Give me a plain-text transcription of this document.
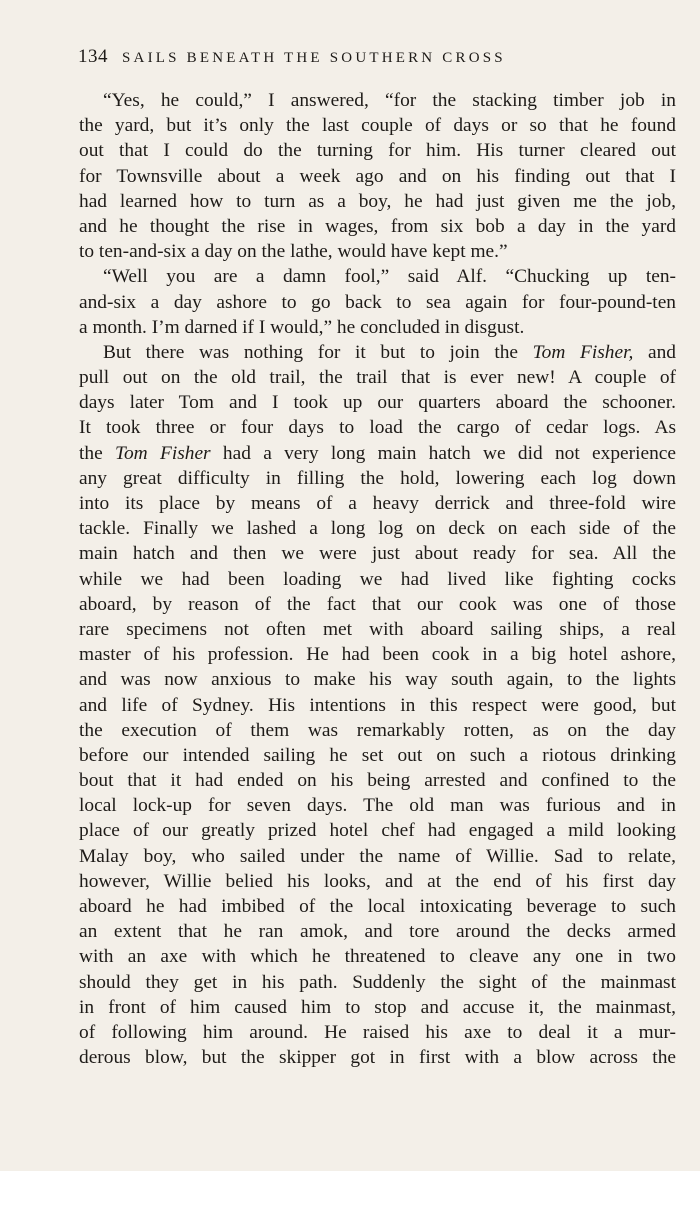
134 SAILS BENEATH THE SOUTHERN CROSS
“Yes, he could,” I answered, “for the stacking timber job in
the yard, but it’s only the last couple of days or so that he found
out that I could do the turning for him. His turner cleared out
for Townsville about a week ago and on his finding out that I
had learned how to turn as a boy, he had just given me the job,
and he thought the rise in wages, from six bob a day in the yard
to ten-and-six a day on the lathe, would have kept me.”
“Well you are a damn fool,” said Alf. “Chucking up ten-
and-six a day ashore to go back to sea again for four-pound-ten
a month. I’m darned if I would,” he concluded in disgust.
But there was nothing for it but to join the Tom Fisher, and
pull out on the old trail, the trail that is ever new! A couple of
days later Tom and I took up our quarters aboard the schooner.
It took three or four days to load the cargo of cedar logs. As
the Tom Fisher had a very long main hatch we did not experience
any great difficulty in filling the hold, lowering each log down
into its place by means of a heavy derrick and three-fold wire
tackle. Finally we lashed a long log on deck on each side of the
main hatch and then we were just about ready for sea. All the
while we had been loading we had lived like fighting cocks
aboard, by reason of the fact that our cook was one of those
rare specimens not often met with aboard sailing ships, a real
master of his profession. He had been cook in a big hotel ashore,
and was now anxious to make his way south again, to the lights
and life of Sydney. His intentions in this respect were good, but
the execution of them was remarkably rotten, as on the day
before our intended sailing he set out on such a riotous drinking
bout that it had ended on his being arrested and confined to the
local lock-up for seven days. The old man was furious and in
place of our greatly prized hotel chef had engaged a mild looking
Malay boy, who sailed under the name of Willie. Sad to relate,
however, Willie belied his looks, and at the end of his first day
aboard he had imbibed of the local intoxicating beverage to such
an extent that he ran amok, and tore around the decks armed
with an axe with which he threatened to cleave any one in two
should they get in his path. Suddenly the sight of the mainmast
in front of him caused him to stop and accuse it, the mainmast,
of following him around. He raised his axe to deal it a mur-
derous blow, but the skipper got in first with a blow across the
